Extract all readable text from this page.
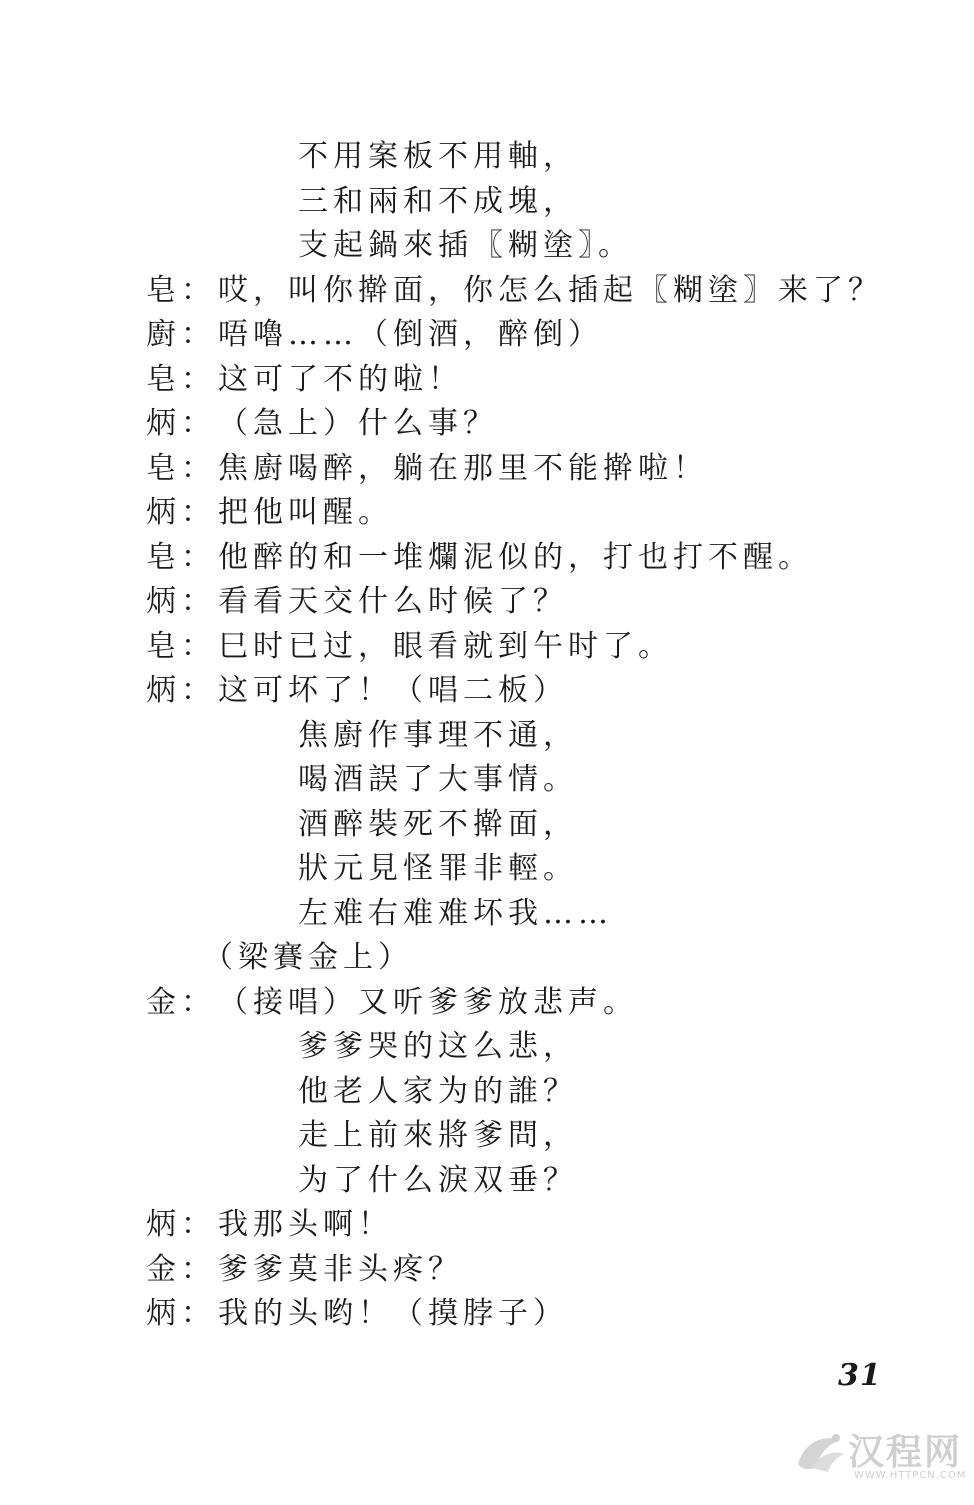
不用案板不用軸，
三和兩和不成塊，
支起鍋來插〖糊塗〗。
皂：哎，叫你擀面，你怎么插起〖糊塗〗来了？
廚：唔嚕……（倒酒，醉倒）
皂：这可了不的啦！
炳：（急上）什么事？
皂：焦廚喝醉，躺在那里不能擀啦！
炳：把他叫醒。
皂：他醉的和一堆爛泥似的，打也打不醒。
炳：看看天交什么时候了？
皂：巳时已过，眼看就到午时了。
炳：这可坏了！（唱二板）
焦廚作事理不通，
喝酒誤了大事情。
酒醉裝死不擀面，
狀元見怪罪非輕。
左难右难难坏我……
（梁賽金上）
金：（接唱）又听爹爹放悲声。
爹爹哭的这么悲，
他老人家为的誰？
走上前來將爹問，
为了什么淚双垂？
炳：我那头啊！
金：爹爹莫非头疼？
炳：我的头哟！（摸脖子）
31
汉程网
WWW.HTTPCN.COM
